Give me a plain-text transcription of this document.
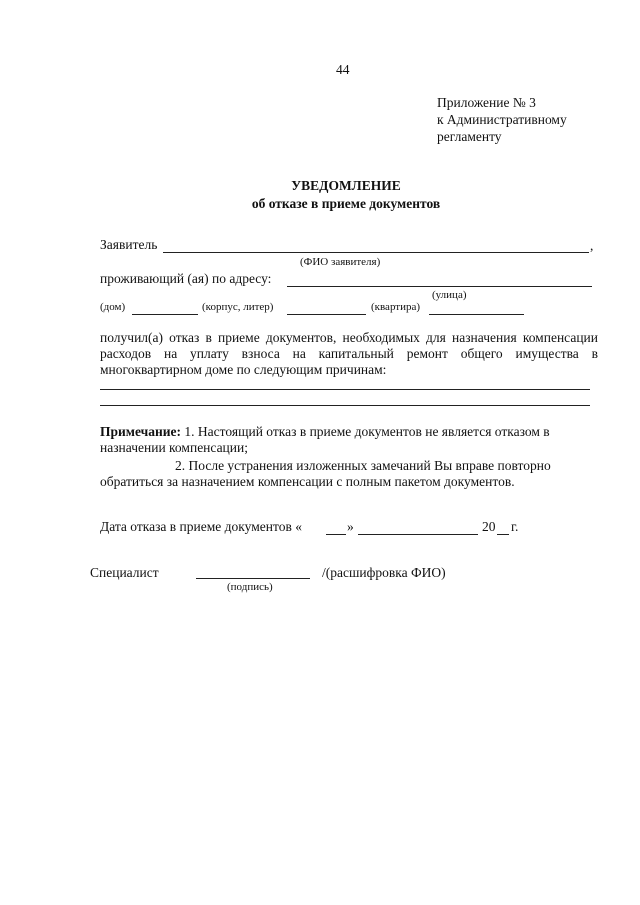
44
Приложение № 3
к Административному
регламенту
УВЕДОМЛЕНИЕ
об отказе в приеме документов
Заявитель	,
(ФИО заявителя)
проживающий (ая) по адресу:
(улица)
(дом)	(корпус, литер)	(квартира)
получил(а) отказ в приеме документов, необходимых для назначения компенсации расходов на уплату взноса на капитальный ремонт общего имущества в многоквартирном доме по следующим причинам:
Примечание: 1. Настоящий отказ в приеме документов не является отказом в назначении компенсации;
2. После устранения изложенных замечаний Вы вправе повторно
обратиться за назначением компенсации с полным пакетом документов.
Дата отказа в приеме документов «	»	20 г.
Специалист	/(расшифровка ФИО)
(подпись)
